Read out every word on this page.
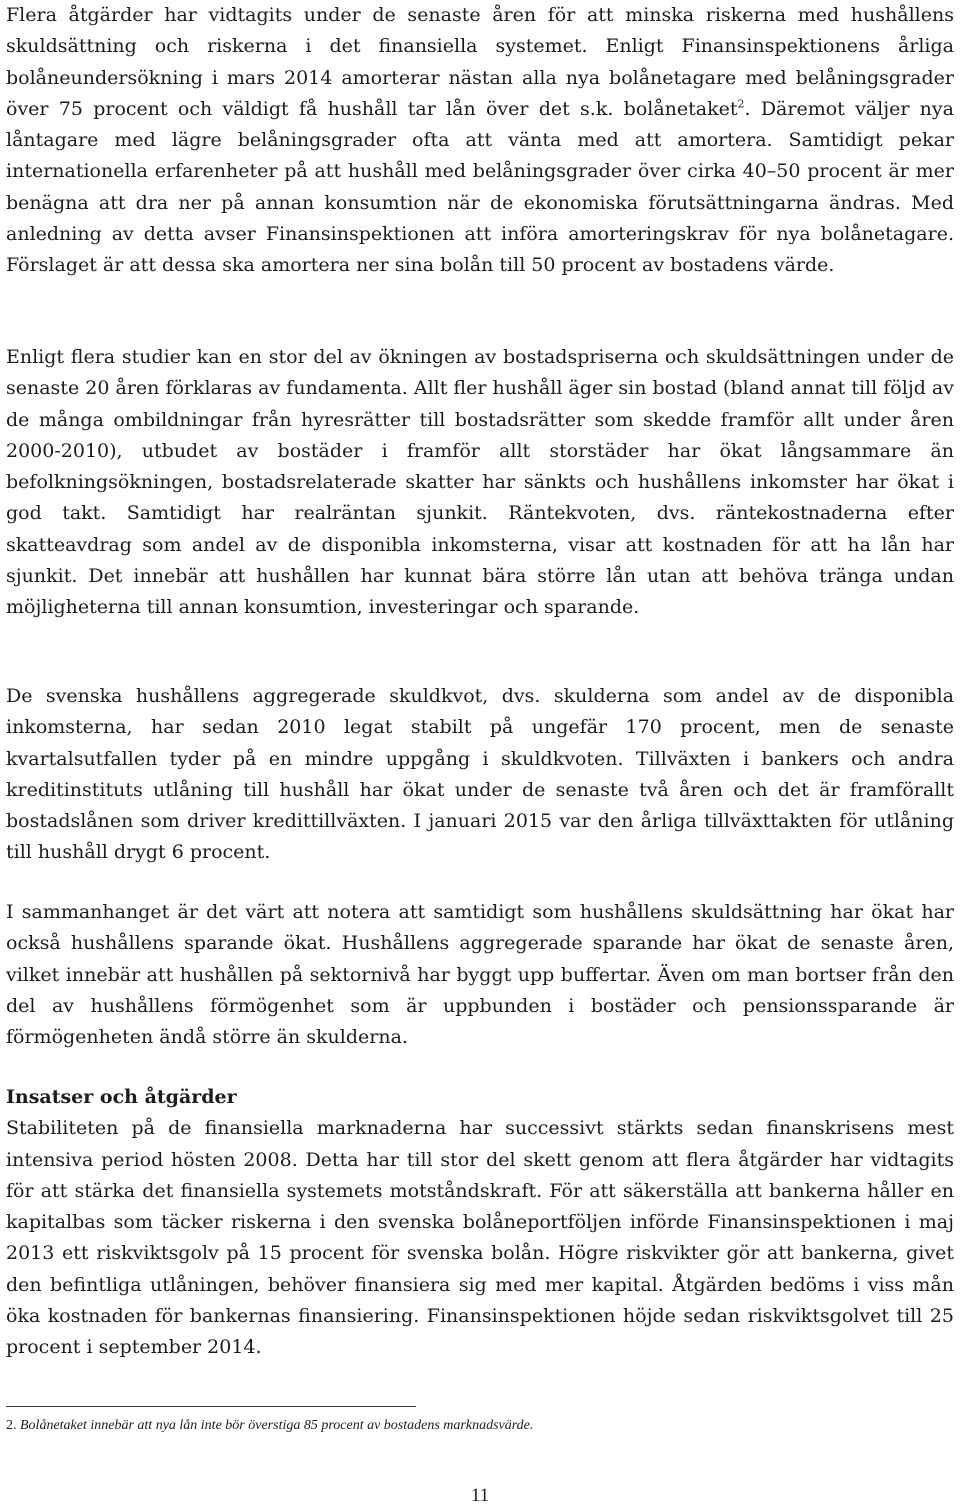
Flera åtgärder har vidtagits under de senaste åren för att minska riskerna med hushållens skuldsättning och riskerna i det finansiella systemet. Enligt Finansinspektionens årliga bolåneundersökning i mars 2014 amorterar nästan alla nya bolånetagare med belåningsgrader över 75 procent och väldigt få hushåll tar lån över det s.k. bolånetaket$^2$. Däremot väljer nya låntagare med lägre belåningsgrader ofta att vänta med att amortera. Samtidigt pekar internationella erfarenheter på att hushåll med belåningsgrader över cirka 40–50 procent är mer benägna att dra ner på annan konsumtion när de ekonomiska förutsättningarna ändras. Med anledning av detta avser Finansinspektionen att införa amorteringskrav för nya bolånetagare. Förslaget är att dessa ska amortera ner sina bolån till 50 procent av bostadens värde.

Enligt flera studier kan en stor del av ökningen av bostadspriserna och skuldsättningen under de senaste 20 åren förklaras av fundamenta. Allt fler hushåll äger sin bostad (bland annat till följd av de många ombildningar från hyresrätter till bostadsrätter som skedde framför allt under åren 2000-2010), utbudet av bostäder i framför allt storstäder har ökat långsammare än befolkningsökningen, bostadsrelaterade skatter har sänkts och hushållens inkomster har ökat i god takt. Samtidigt har realräntan sjunkit. Räntekvoten, dvs. räntekostnaderna efter skatteavdrag som andel av de disponibla inkomsterna, visar att kostnaden för att ha lån har sjunkit. Det innebär att hushållen har kunnat bära större lån utan att behöva tränga undan möjligheterna till annan konsumtion, investeringar och sparande.

De svenska hushållens aggregerade skuldkvot, dvs. skulderna som andel av de disponibla inkomsterna, har sedan 2010 legat stabilt på ungefär 170 procent, men de senaste kvartalsutfallen tyder på en mindre uppgång i skuldkvoten. Tillväxten i bankers och andra kreditinstituts utlåning till hushåll har ökat under de senaste två åren och det är framförallt bostadslånen som driver kredittillväxten. I januari 2015 var den årliga tillväxttakten för utlåning till hushåll drygt 6 procent.

I sammanhanget är det värt att notera att samtidigt som hushållens skuldsättning har ökat har också hushållens sparande ökat. Hushållens aggregerade sparande har ökat de senaste åren, vilket innebär att hushållen på sektornivå har byggt upp buffertar. Även om man bortser från den del av hushållens förmögenhet som är uppbunden i bostäder och pensionssparande är förmögenheten ändå större än skulderna.

Insatser och åtgärder

Stabiliteten på de finansiella marknaderna har successivt stärkts sedan finanskrisens mest intensiva period hösten 2008. Detta har till stor del skett genom att flera åtgärder har vidtagits för att stärka det finansiella systemets motståndskraft. För att säkerställa att bankerna håller en kapitalbas som täcker riskerna i den svenska bolåneportföljen införde Finansinspektionen i maj 2013 ett riskviktsgolv på 15 procent för svenska bolån. Högre riskvikter gör att bankerna, givet den befintliga utlåningen, behöver finansiera sig med mer kapital. Åtgärden bedöms i viss mån öka kostnaden för bankernas finansiering. Finansinspektionen höjde sedan riskviktsgolvet till 25 procent i september 2014.

2. Bolånetaket innebär att nya lån inte bör överstiga 85 procent av bostadens marknadsvärde.
11
